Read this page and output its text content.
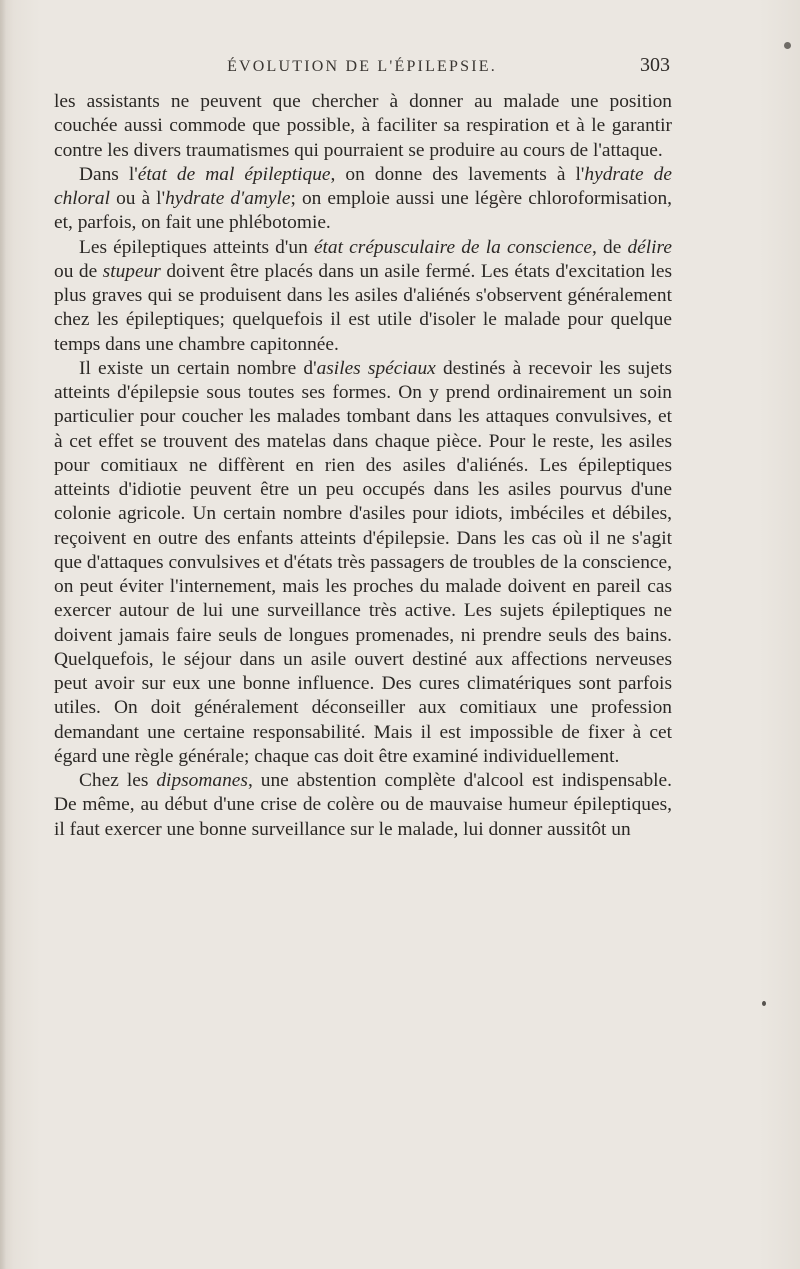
ÉVOLUTION DE L'ÉPILEPSIE.	303

les assistants ne peuvent que chercher à donner au malade une position couchée aussi commode que possible, à faciliter sa respiration et à le garantir contre les divers traumatismes qui pourraient se produire au cours de l'attaque.

Dans l'état de mal épileptique, on donne des lavements à l'hydrate de chloral ou à l'hydrate d'amyle; on emploie aussi une légère chloroformisation, et, parfois, on fait une phlébotomie.

Les épileptiques atteints d'un état crépusculaire de la conscience, de délire ou de stupeur doivent être placés dans un asile fermé. Les états d'excitation les plus graves qui se produisent dans les asiles d'aliénés s'observent généralement chez les épileptiques; quelquefois il est utile d'isoler le malade pour quelque temps dans une chambre capitonnée.

Il existe un certain nombre d'asiles spéciaux destinés à recevoir les sujets atteints d'épilepsie sous toutes ses formes. On y prend ordinairement un soin particulier pour coucher les malades tombant dans les attaques convulsives, et à cet effet se trouvent des matelas dans chaque pièce. Pour le reste, les asiles pour comitiaux ne diffèrent en rien des asiles d'aliénés. Les épileptiques atteints d'idiotie peuvent être un peu occupés dans les asiles pourvus d'une colonie agricole. Un certain nombre d'asiles pour idiots, imbéciles et débiles, reçoivent en outre des enfants atteints d'épilepsie. Dans les cas où il ne s'agit que d'attaques convulsives et d'états très passagers de troubles de la conscience, on peut éviter l'internement, mais les proches du malade doivent en pareil cas exercer autour de lui une surveillance très active. Les sujets épileptiques ne doivent jamais faire seuls de longues promenades, ni prendre seuls des bains. Quelquefois, le séjour dans un asile ouvert destiné aux affections nerveuses peut avoir sur eux une bonne influence. Des cures climatériques sont parfois utiles. On doit généralement déconseiller aux comitiaux une profession demandant une certaine responsabilité. Mais il est impossible de fixer à cet égard une règle générale; chaque cas doit être examiné individuellement.

Chez les dipsomanes, une abstention complète d'alcool est indispensable. De même, au début d'une crise de colère ou de mauvaise humeur épileptiques, il faut exercer une bonne surveillance sur le malade, lui donner aussitôt un
